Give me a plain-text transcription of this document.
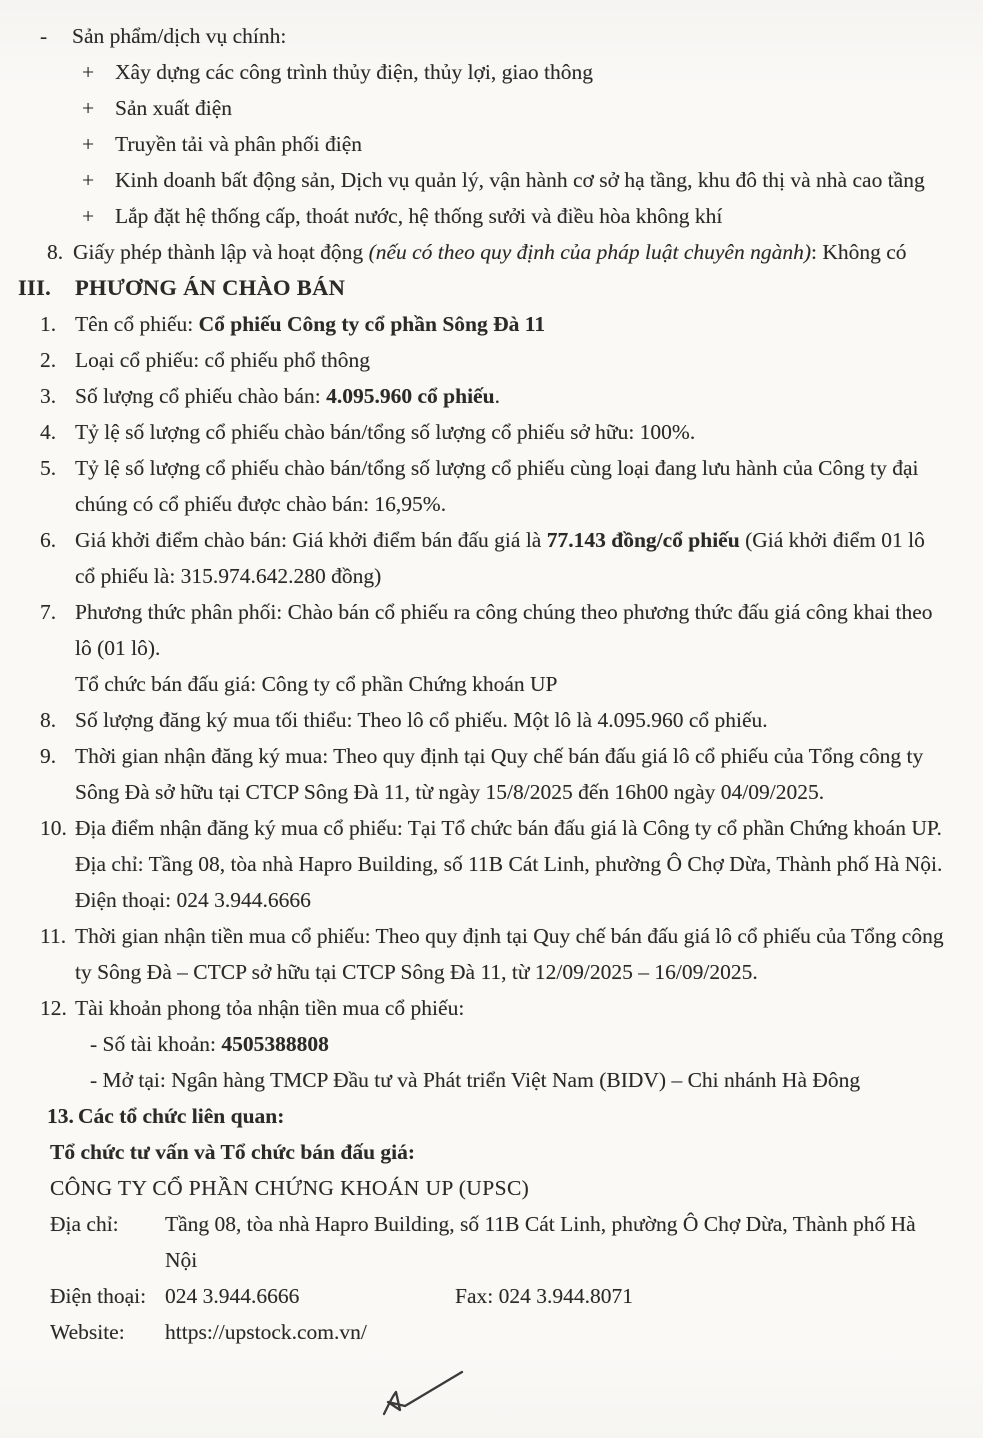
-	Sản phẩm/dịch vụ chính:
+ Xây dựng các công trình thủy điện, thủy lợi, giao thông
+ Sản xuất điện
+ Truyền tải và phân phối điện
+ Kinh doanh bất động sản, Dịch vụ quản lý, vận hành cơ sở hạ tầng, khu đô thị và nhà cao tầng
+ Lắp đặt hệ thống cấp, thoát nước, hệ thống sưởi và điều hòa không khí
8. Giấy phép thành lập và hoạt động (nếu có theo quy định của pháp luật chuyên ngành): Không có
III.	PHƯƠNG ÁN CHÀO BÁN
1. Tên cổ phiếu: Cổ phiếu Công ty cổ phần Sông Đà 11
2. Loại cổ phiếu: cổ phiếu phổ thông
3. Số lượng cổ phiếu chào bán: 4.095.960 cổ phiếu.
4. Tỷ lệ số lượng cổ phiếu chào bán/tổng số lượng cổ phiếu sở hữu: 100%.
5. Tỷ lệ số lượng cổ phiếu chào bán/tổng số lượng cổ phiếu cùng loại đang lưu hành của Công ty đại chúng có cổ phiếu được chào bán: 16,95%.
6. Giá khởi điểm chào bán: Giá khởi điểm bán đấu giá là 77.143 đồng/cổ phiếu (Giá khởi điểm 01 lô cổ phiếu là: 315.974.642.280 đồng)
7. Phương thức phân phối: Chào bán cổ phiếu ra công chúng theo phương thức đấu giá công khai theo lô (01 lô).
Tổ chức bán đấu giá: Công ty cổ phần Chứng khoán UP
8. Số lượng đăng ký mua tối thiểu: Theo lô cổ phiếu. Một lô là 4.095.960 cổ phiếu.
9. Thời gian nhận đăng ký mua: Theo quy định tại Quy chế bán đấu giá lô cổ phiếu của Tổng công ty Sông Đà sở hữu tại CTCP Sông Đà 11, từ ngày 15/8/2025 đến 16h00 ngày 04/09/2025.
10. Địa điểm nhận đăng ký mua cổ phiếu: Tại Tổ chức bán đấu giá là Công ty cổ phần Chứng khoán UP. Địa chỉ: Tầng 08, tòa nhà Hapro Building, số 11B Cát Linh, phường Ô Chợ Dừa, Thành phố Hà Nội. Điện thoại: 024 3.944.6666
11. Thời gian nhận tiền mua cổ phiếu: Theo quy định tại Quy chế bán đấu giá lô cổ phiếu của Tổng công ty Sông Đà – CTCP sở hữu tại CTCP Sông Đà 11, từ 12/09/2025 – 16/09/2025.
12. Tài khoản phong tỏa nhận tiền mua cổ phiếu:
- Số tài khoản: 4505388808
- Mở tại: Ngân hàng TMCP Đầu tư và Phát triển Việt Nam (BIDV) – Chi nhánh Hà Đông
13. Các tổ chức liên quan:
Tổ chức tư vấn và Tổ chức bán đấu giá:
CÔNG TY CỔ PHẦN CHỨNG KHOÁN UP (UPSC)
Địa chỉ:	Tầng 08, tòa nhà Hapro Building, số 11B Cát Linh, phường Ô Chợ Dừa, Thành phố Hà Nội
Điện thoại: 024 3.944.6666	Fax: 024 3.944.8071
Website:	https://upstock.com.vn/
